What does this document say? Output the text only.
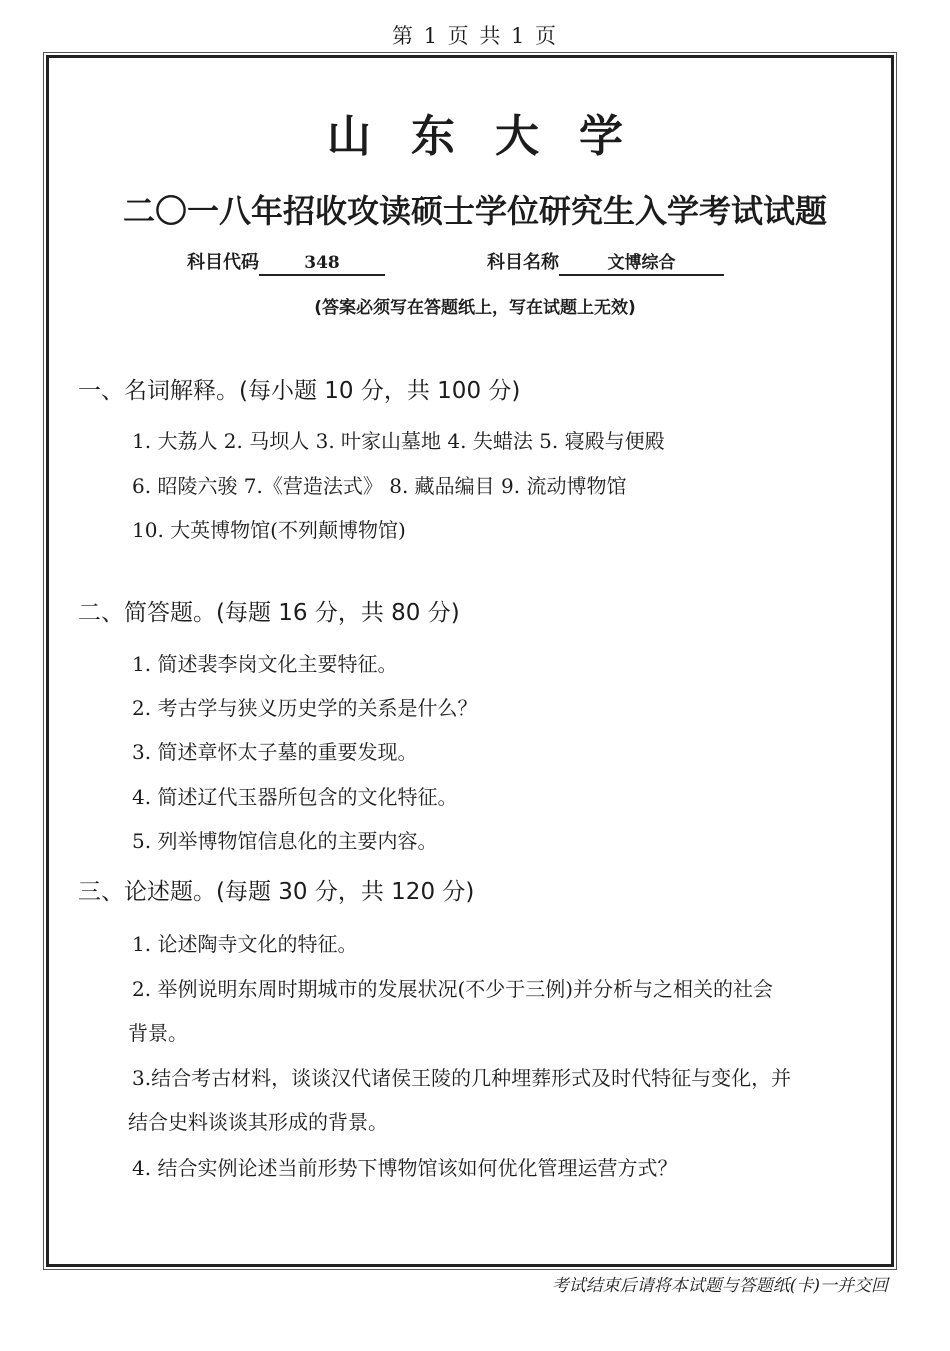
第 1 页 共 1 页
山东大学
二〇一八年招收攻读硕士学位研究生入学考试试题
科目代码	348	科目名称	文博综合
(答案必须写在答题纸上，写在试题上无效)
一、名词解释。(每小题 10 分，共 100 分)
1. 大荔人 2. 马坝人 3. 叶家山墓地 4. 失蜡法 5. 寝殿与便殿
6. 昭陵六骏 7.《营造法式》 8. 藏品编目 9. 流动博物馆
10. 大英博物馆(不列颠博物馆)
二、简答题。(每题 16 分，共 80 分)
1. 简述裴李岗文化主要特征。
2. 考古学与狭义历史学的关系是什么？
3. 简述章怀太子墓的重要发现。
4. 简述辽代玉器所包含的文化特征。
5. 列举博物馆信息化的主要内容。
三、论述题。(每题 30 分，共 120 分)
1. 论述陶寺文化的特征。
2. 举例说明东周时期城市的发展状况(不少于三例)并分析与之相关的社会
背景。
3.结合考古材料，谈谈汉代诸侯王陵的几种埋葬形式及时代特征与变化，并
结合史料谈谈其形成的背景。
4. 结合实例论述当前形势下博物馆该如何优化管理运营方式？
考试结束后请将本试题与答题纸(卡)一并交回
